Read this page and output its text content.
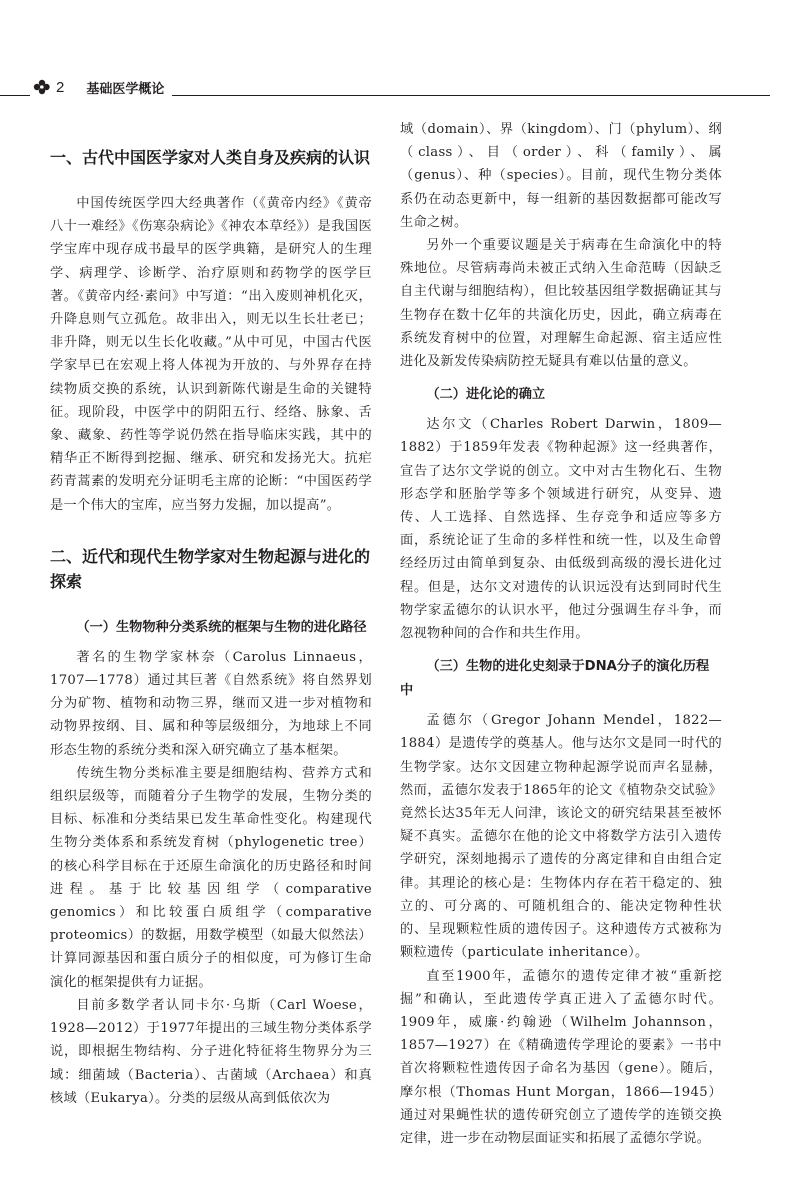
2 基础医学概论
一、古代中国医学家对人类自身及疾病的认识

中国传统医学四大经典著作（《黄帝内经》《黄帝八十一难经》《伤寒杂病论》《神农本草经》）是我国医学宝库中现存成书最早的医学典籍，是研究人的生理学、病理学、诊断学、治疗原则和药物学的医学巨著。《黄帝内经·素问》中写道：“出入废则神机化灭，升降息则气立孤危。故非出入，则无以生长壮老已；非升降，则无以生长化收藏。”从中可见，中国古代医学家早已在宏观上将人体视为开放的、与外界存在持续物质交换的系统，认识到新陈代谢是生命的关键特征。现阶段，中医学中的阴阳五行、经络、脉象、舌象、藏象、药性等学说仍然在指导临床实践，其中的精华正不断得到挖掘、继承、研究和发扬光大。抗疟药青蒿素的发明充分证明毛主席的论断：“中国医药学是一个伟大的宝库，应当努力发掘，加以提高”。

二、近代和现代生物学家对生物起源与进化的探索
（一）生物物种分类系统的框架与生物的进化路径

著名的生物学家林奈（Carolus Linnaeus，1707—1778）通过其巨著《自然系统》将自然界划分为矿物、植物和动物三界，继而又进一步对植物和动物界按纲、目、属和种等层级细分，为地球上不同形态生物的系统分类和深入研究确立了基本框架。

传统生物分类标准主要是细胞结构、营养方式和组织层级等，而随着分子生物学的发展，生物分类的目标、标准和分类结果已发生革命性变化。构建现代生物分类体系和系统发育树（phylogenetic tree）的核心科学目标在于还原生命演化的历史路径和时间进程。基于比较基因组学（comparative genomics）和比较蛋白质组学（comparative proteomics）的数据，用数学模型（如最大似然法）计算同源基因和蛋白质分子的相似度，可为修订生命演化的框架提供有力证据。

目前多数学者认同卡尔·乌斯（Carl Woese，1928—2012）于1977年提出的三域生物分类体系学说，即根据生物结构、分子进化特征将生物界分为三域：细菌域（Bacteria）、古菌域（Archaea）和真核域（Eukarya）。分类的层级从高到低依次为

域（domain）、界（kingdom）、门（phylum）、纲（class）、目（order）、科（family）、属（genus）、种（species）。目前，现代生物分类体系仍在动态更新中，每一组新的基因数据都可能改写生命之树。

另外一个重要议题是关于病毒在生命演化中的特殊地位。尽管病毒尚未被正式纳入生命范畴（因缺乏自主代谢与细胞结构），但比较基因组学数据确证其与生物存在数十亿年的共演化历史，因此，确立病毒在系统发育树中的位置，对理解生命起源、宿主适应性进化及新发传染病防控无疑具有难以估量的意义。

（二）进化论的确立

达尔文（Charles Robert Darwin，1809—1882）于1859年发表《物种起源》这一经典著作，宣告了达尔文学说的创立。文中对古生物化石、生物形态学和胚胎学等多个领域进行研究，从变异、遗传、人工选择、自然选择、生存竞争和适应等多方面，系统论证了生命的多样性和统一性，以及生命曾经经历过由简单到复杂、由低级到高级的漫长进化过程。但是，达尔文对遗传的认识远没有达到同时代生物学家孟德尔的认识水平，他过分强调生存斗争，而忽视物种间的合作和共生作用。

（三）生物的进化史刻录于DNA分子的演化历程中

孟德尔（Gregor Johann Mendel，1822—1884）是遗传学的奠基人。他与达尔文是同一时代的生物学家。达尔文因建立物种起源学说而声名显赫，然而，孟德尔发表于1865年的论文《植物杂交试验》竟然长达35年无人问津，该论文的研究结果甚至被怀疑不真实。孟德尔在他的论文中将数学方法引入遗传学研究，深刻地揭示了遗传的分离定律和自由组合定律。其理论的核心是：生物体内存在若干稳定的、独立的、可分离的、可随机组合的、能决定物种性状的、呈现颗粒性质的遗传因子。这种遗传方式被称为颗粒遗传（particulate inheritance）。

直至1900年，孟德尔的遗传定律才被“重新挖掘”和确认，至此遗传学真正进入了孟德尔时代。1909年，威廉·约翰逊（Wilhelm Johannson，1857—1927）在《精确遗传学理论的要素》一书中首次将颗粒性遗传因子命名为基因（gene）。随后，摩尔根（Thomas Hunt Morgan，1866—1945）通过对果蝇性状的遗传研究创立了遗传学的连锁交换定律，进一步在动物层面证实和拓展了孟德尔学说。
